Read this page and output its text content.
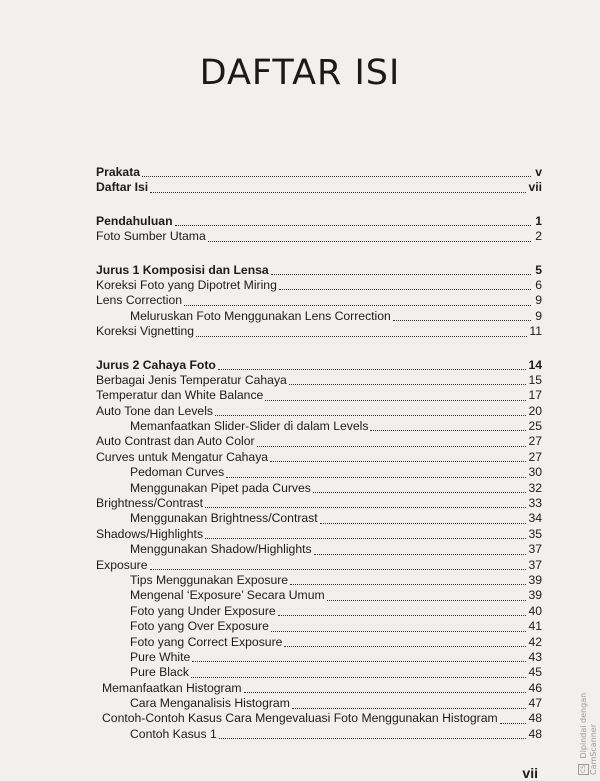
DAFTAR ISI
Prakata	v
Daftar Isi	vii
Pendahuluan	1
Foto Sumber Utama	2
Jurus 1 Komposisi dan Lensa	5
Koreksi Foto yang Dipotret Miring	6
Lens Correction	9
Meluruskan Foto Menggunakan Lens Correction	9
Koreksi Vignetting	11
Jurus 2 Cahaya Foto	14
Berbagai Jenis Temperatur Cahaya	15
Temperatur dan White Balance	17
Auto Tone dan Levels	20
Memanfaatkan Slider-Slider di dalam Levels	25
Auto Contrast dan Auto Color	27
Curves untuk Mengatur Cahaya	27
Pedoman Curves	30
Menggunakan Pipet pada Curves	32
Brightness/Contrast	33
Menggunakan Brightness/Contrast	34
Shadows/Highlights	35
Menggunakan Shadow/Highlights	37
Exposure	37
Tips Menggunakan Exposure	39
Mengenal ‘Exposure’ Secara Umum	39
Foto yang Under Exposure	40
Foto yang Over Exposure	41
Foto yang Correct Exposure	42
Pure White	43
Pure Black	45
Memanfaatkan Histogram	46
Cara Menganalisis Histogram	47
Contoh-Contoh Kasus Cara Mengevaluasi Foto Menggunakan Histogram	48
Contoh Kasus 1	48
vii	CS Dipindai dengan CamScanner
